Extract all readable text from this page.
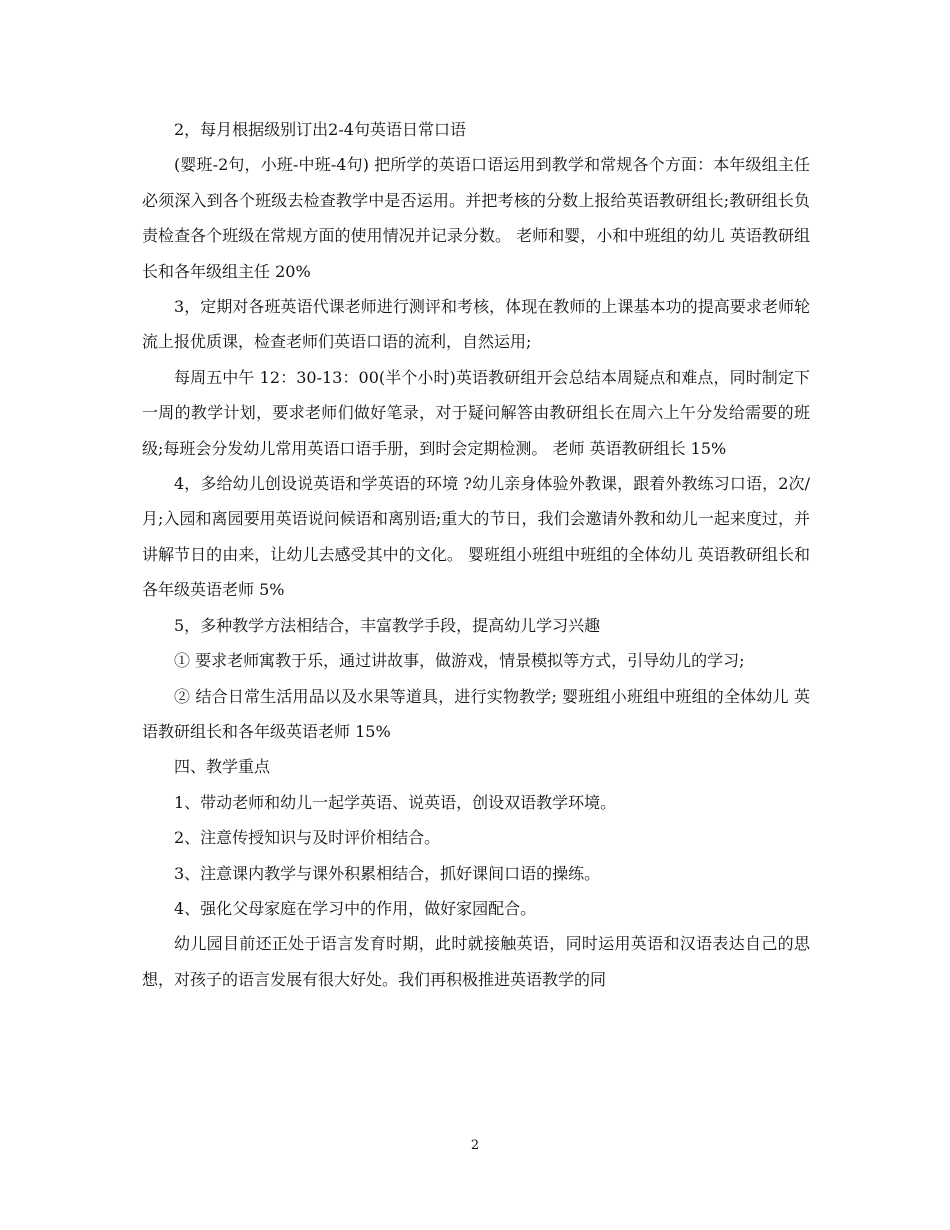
2，每月根据级别订出2-4句英语日常口语

(婴班-2句，小班-中班-4句) 把所学的英语口语运用到教学和常规各个方面：本年级组主任必须深入到各个班级去检查教学中是否运用。并把考核的分数上报给英语教研组长;教研组长负责检查各个班级在常规方面的使用情况并记录分数。 老师和婴，小和中班组的幼儿 英语教研组长和各年级组主任 20%

3，定期对各班英语代课老师进行测评和考核，体现在教师的上课基本功的提高要求老师轮流上报优质课，检查老师们英语口语的流利，自然运用;

每周五中午 12：30-13：00(半个小时)英语教研组开会总结本周疑点和难点，同时制定下一周的教学计划，要求老师们做好笔录，对于疑问解答由教研组长在周六上午分发给需要的班级;每班会分发幼儿常用英语口语手册，到时会定期检测。 老师 英语教研组长 15%

4，多给幼儿创设说英语和学英语的环境 ?幼儿亲身体验外教课，跟着外教练习口语，2次/月;入园和离园要用英语说问候语和离别语;重大的节日，我们会邀请外教和幼儿一起来度过，并讲解节日的由来，让幼儿去感受其中的文化。 婴班组小班组中班组的全体幼儿 英语教研组长和各年级英语老师 5%

5，多种教学方法相结合，丰富教学手段，提高幼儿学习兴趣

① 要求老师寓教于乐，通过讲故事，做游戏，情景模拟等方式，引导幼儿的学习;

② 结合日常生活用品以及水果等道具，进行实物教学; 婴班组小班组中班组的全体幼儿 英语教研组长和各年级英语老师 15%

四、教学重点

1、带动老师和幼儿一起学英语、说英语，创设双语教学环境。

2、注意传授知识与及时评价相结合。

3、注意课内教学与课外积累相结合，抓好课间口语的操练。

4、强化父母家庭在学习中的作用，做好家园配合。

幼儿园目前还正处于语言发育时期，此时就接触英语，同时运用英语和汉语表达自己的思想，对孩子的语言发展有很大好处。我们再积极推进英语教学的同

2
